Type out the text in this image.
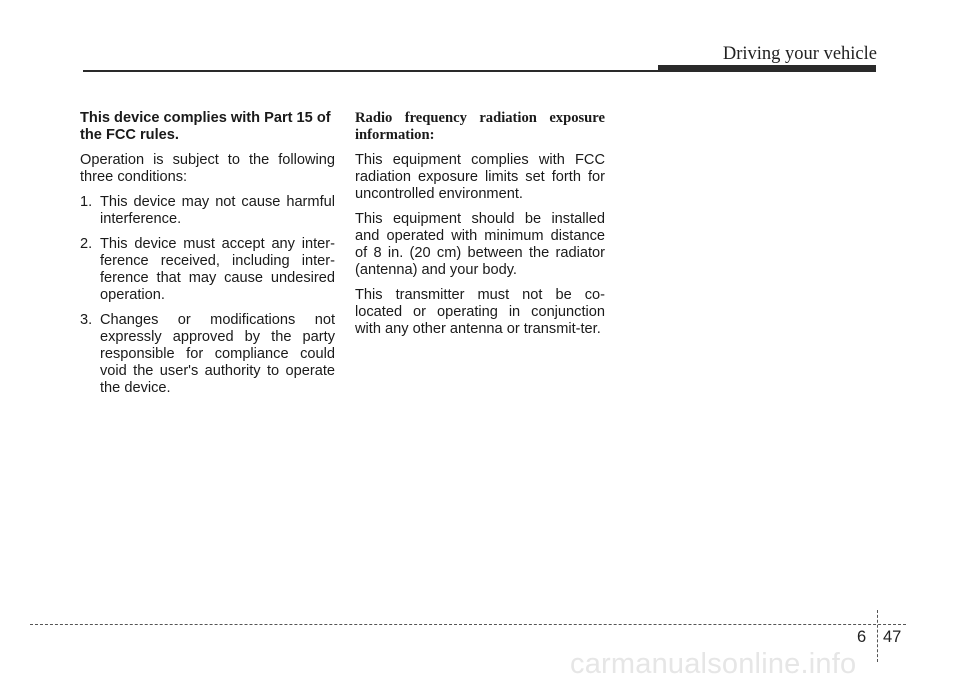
Driving your vehicle
This device complies with Part 15 of the FCC rules.

Operation is subject to the following three conditions:

1. This device may not cause harmful interference.
2. This device must accept any inter-ference received, including inter-ference that may cause undesired operation.
3. Changes or modifications not expressly approved by the party responsible for compliance could void the user's authority to operate the device.
Radio frequency radiation exposure information:

This equipment complies with FCC radiation exposure limits set forth for uncontrolled environment.

This equipment should be installed and operated with minimum distance of 8 in. (20 cm) between the radiator (antenna) and your body.

This transmitter must not be co-located or operating in conjunction with any other antenna or transmit-ter.

6 47
carmanualsonline.info
